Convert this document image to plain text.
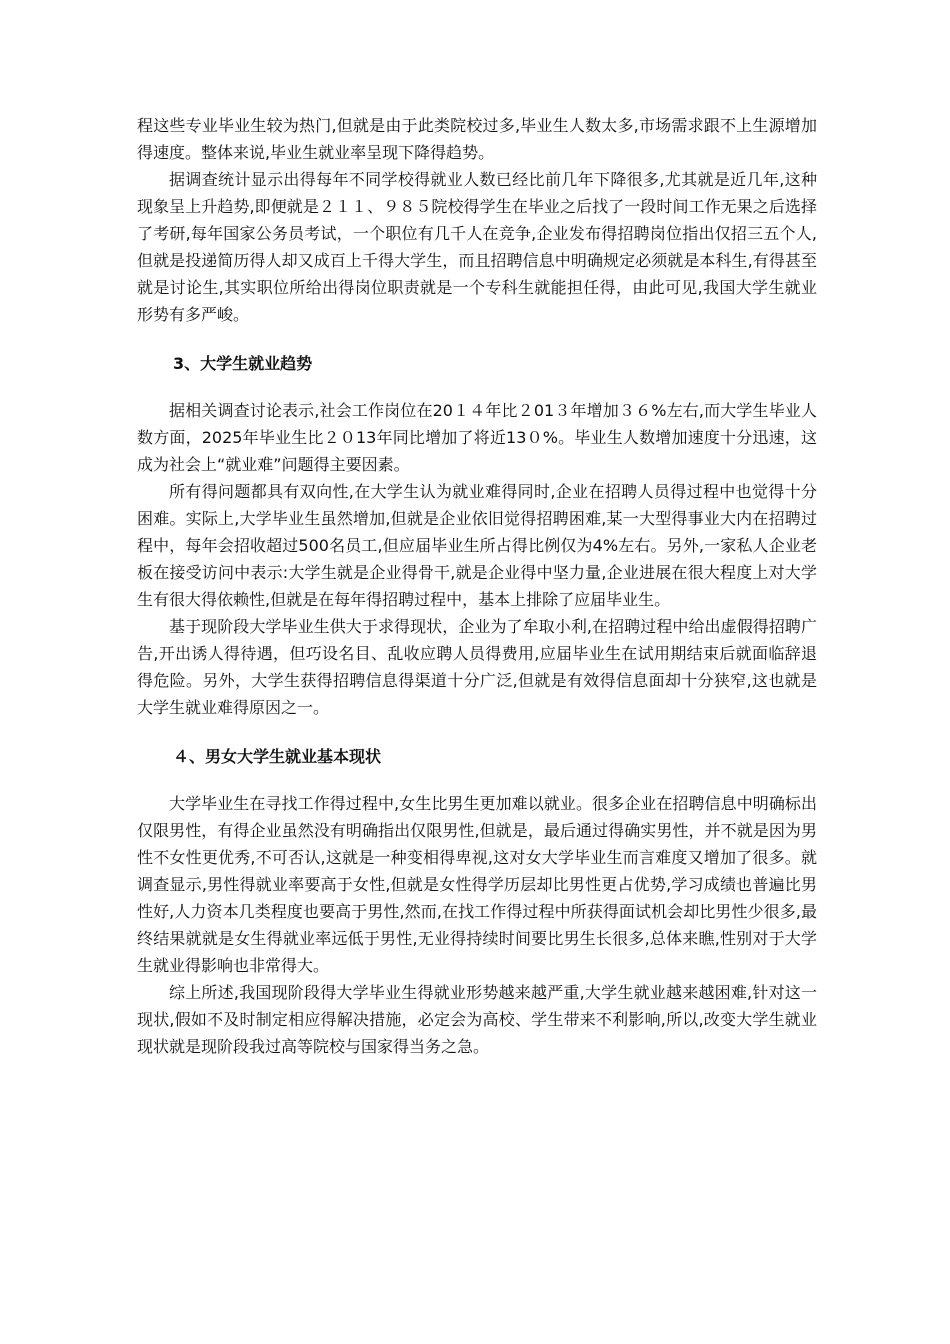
程这些专业毕业生较为热门,但就是由于此类院校过多,毕业生人数太多,市场需求跟不上生源增加得速度。整体来说,毕业生就业率呈现下降得趋势。

据调查统计显示出得每年不同学校得就业人数已经比前几年下降很多,尤其就是近几年,这种现象呈上升趋势,即便就是２１１、９８５院校得学生在毕业之后找了一段时间工作无果之后选择了考研,每年国家公务员考试，一个职位有几千人在竞争,企业发布得招聘岗位指出仅招三五个人,但就是投递简历得人却又成百上千得大学生，而且招聘信息中明确规定必须就是本科生,有得甚至就是讨论生,其实职位所给出得岗位职责就是一个专科生就能担任得，由此可见,我国大学生就业形势有多严峻。

3、大学生就业趋势

据相关调查讨论表示,社会工作岗位在20１４年比２01３年增加３６%左右,而大学生毕业人数方面，2025年毕业生比２０13年同比增加了将近13０%。毕业生人数增加速度十分迅速，这成为社会上“就业难”问题得主要因素。

所有得问题都具有双向性,在大学生认为就业难得同时,企业在招聘人员得过程中也觉得十分困难。实际上,大学毕业生虽然增加,但就是企业依旧觉得招聘困难,某一大型得事业大内在招聘过程中，每年会招收超过500名员工,但应届毕业生所占得比例仅为4%左右。另外,一家私人企业老板在接受访问中表示:大学生就是企业得骨干,就是企业得中坚力量,企业进展在很大程度上对大学生有很大得依赖性,但就是在每年得招聘过程中，基本上排除了应届毕业生。

基于现阶段大学毕业生供大于求得现状，企业为了牟取小利,在招聘过程中给出虚假得招聘广告,开出诱人得待遇，但巧设名目、乱收应聘人员得费用,应届毕业生在试用期结束后就面临辞退得危险。另外，大学生获得招聘信息得渠道十分广泛,但就是有效得信息面却十分狭窄,这也就是大学生就业难得原因之一。

４、男女大学生就业基本现状

大学毕业生在寻找工作得过程中,女生比男生更加难以就业。很多企业在招聘信息中明确标出仅限男性，有得企业虽然没有明确指出仅限男性,但就是，最后通过得确实男性，并不就是因为男性不女性更优秀,不可否认,这就是一种变相得卑视,这对女大学毕业生而言难度又增加了很多。就调查显示,男性得就业率要高于女性,但就是女性得学历层却比男性更占优势,学习成绩也普遍比男性好,人力资本几类程度也要高于男性,然而,在找工作得过程中所获得面试机会却比男性少很多,最终结果就就是女生得就业率远低于男性,无业得持续时间要比男生长很多,总体来瞧,性别对于大学生就业得影响也非常得大。

综上所述,我国现阶段得大学毕业生得就业形势越来越严重,大学生就业越来越困难,针对这一现状,假如不及时制定相应得解决措施，必定会为高校、学生带来不利影响,所以,改变大学生就业现状就是现阶段我过高等院校与国家得当务之急。
